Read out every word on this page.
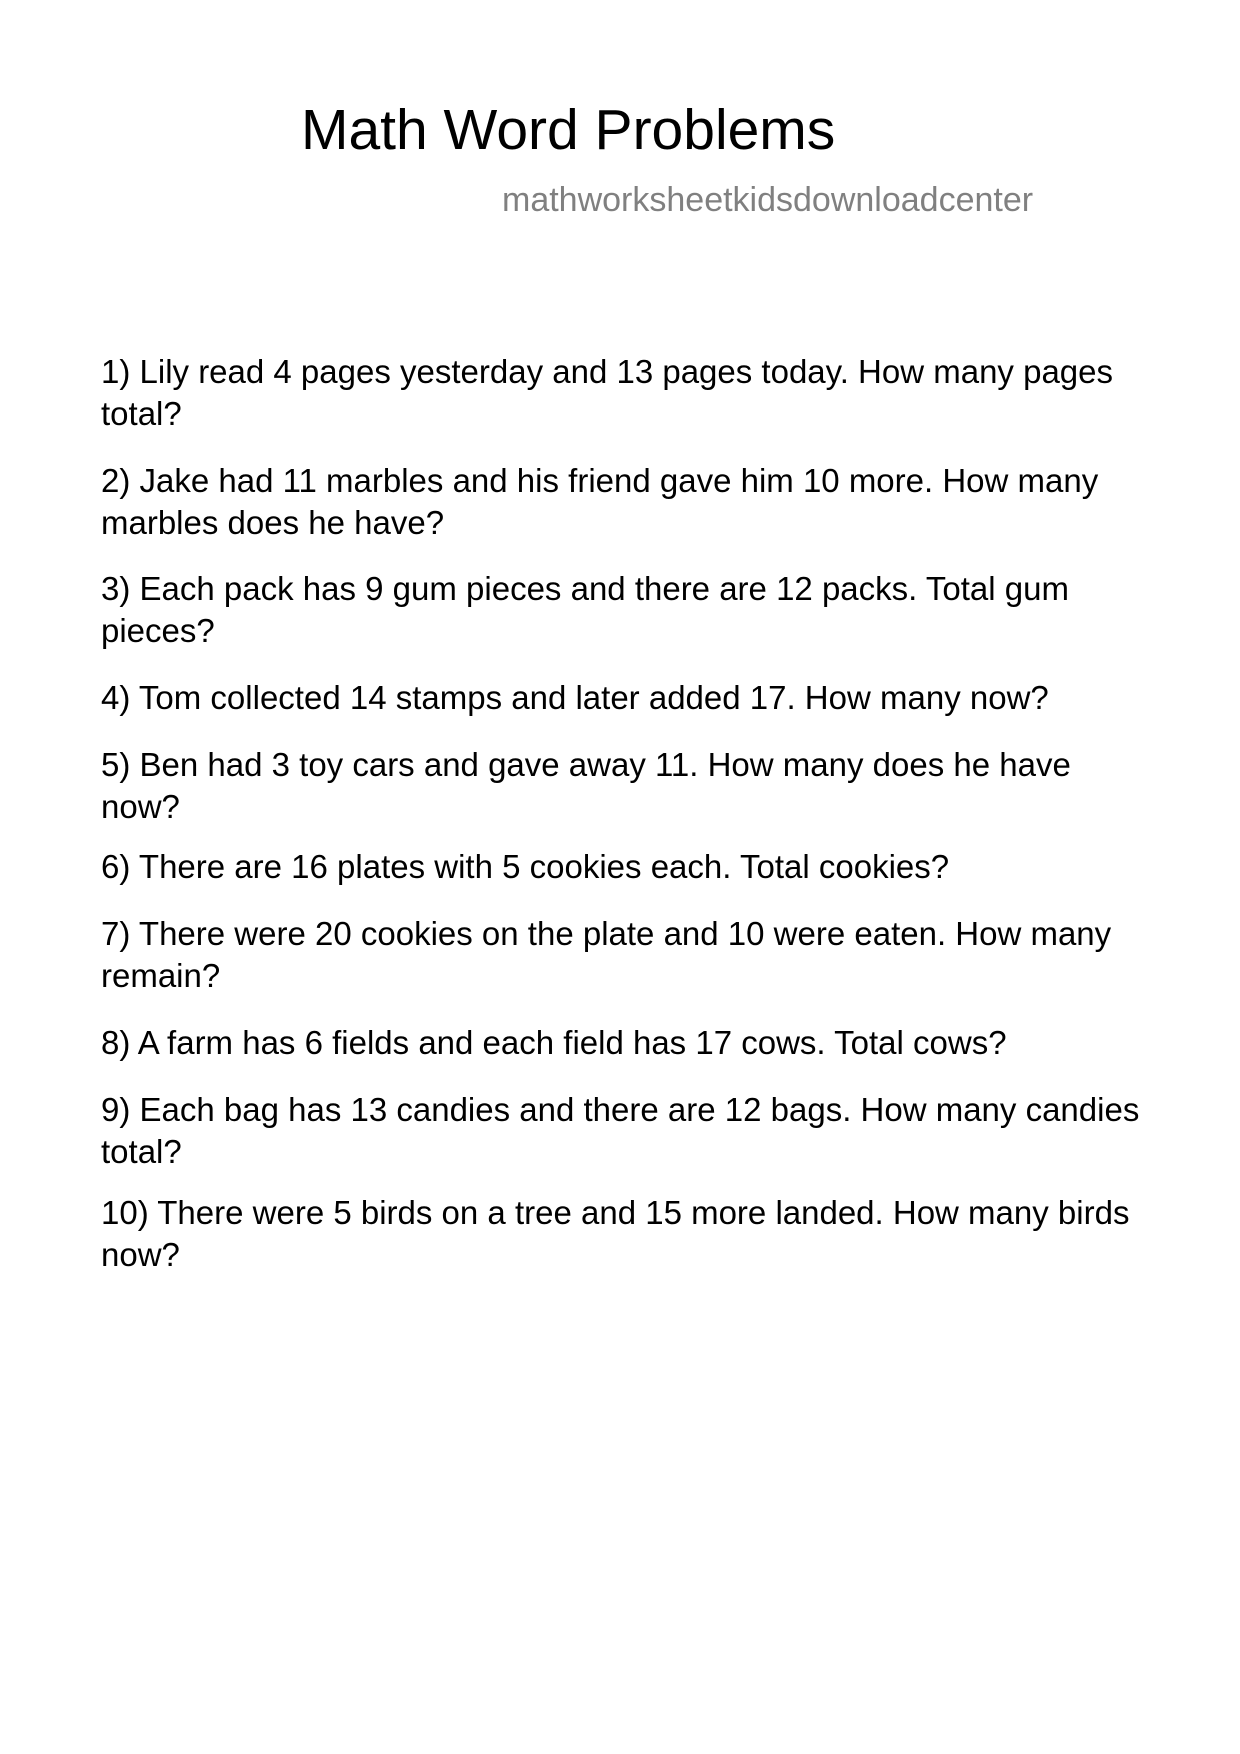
Math Word Problems
mathworksheetkidsdownloadcenter
1) Lily read 4 pages yesterday and 13 pages today. How many pages total?
2) Jake had 11 marbles and his friend gave him 10 more. How many marbles does he have?
3) Each pack has 9 gum pieces and there are 12 packs. Total gum pieces?
4) Tom collected 14 stamps and later added 17. How many now?
5) Ben had 3 toy cars and gave away 11. How many does he have now?
6) There are 16 plates with 5 cookies each. Total cookies?
7) There were 20 cookies on the plate and 10 were eaten. How many remain?
8) A farm has 6 fields and each field has 17 cows. Total cows?
9) Each bag has 13 candies and there are 12 bags. How many candies total?
10) There were 5 birds on a tree and 15 more landed. How many birds now?
